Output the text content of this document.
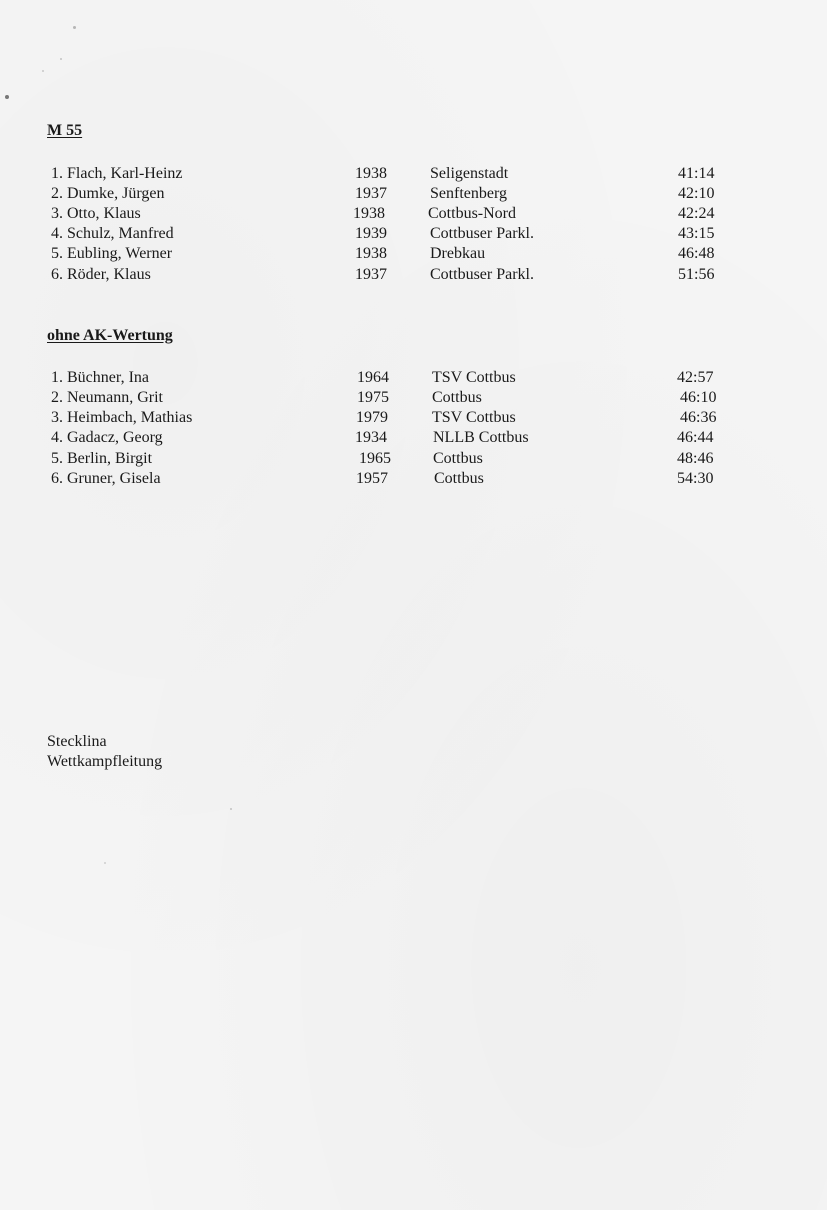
M 55
1. Flach, Karl-Heinz	1938	Seligenstadt	41:14
2. Dumke, Jürgen	1937	Senftenberg	42:10
3. Otto, Klaus	1938	Cottbus-Nord	42:24
4. Schulz, Manfred	1939	Cottbuser Parkl.	43:15
5. Eubling, Werner	1938	Drebkau	46:48
6. Röder, Klaus	1937	Cottbuser Parkl.	51:56
ohne AK-Wertung
1. Büchner, Ina	1964	TSV Cottbus	42:57
2. Neumann, Grit	1975	Cottbus	46:10
3. Heimbach, Mathias	1979	TSV Cottbus	46:36
4. Gadacz, Georg	1934	NLLB Cottbus	46:44
5. Berlin, Birgit	1965	Cottbus	48:46
6. Gruner, Gisela	1957	Cottbus	54:30
Stecklina
Wettkampfleitung
